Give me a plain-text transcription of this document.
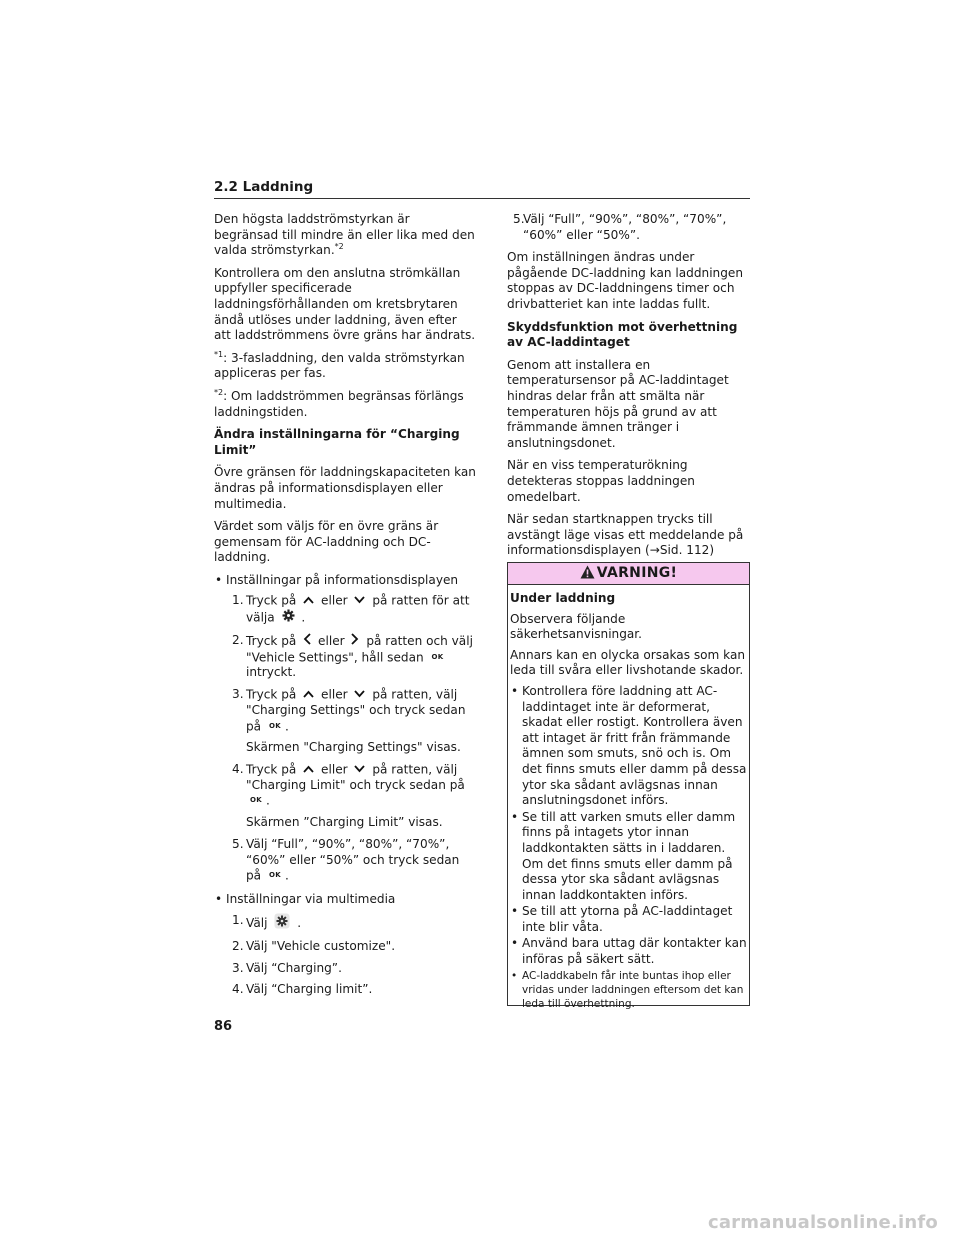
2.2 Laddning

Den högsta laddströmstyrkan är begränsad till mindre än eller lika med den valda strömstyrkan.$^{*2}$

Kontrollera om den anslutna strömkällan uppfyller specificerade laddningsförhållanden om kretsbrytaren ändå utlöses under laddning, även efter att laddströmmens övre gräns har ändrats.

$^{*1}$: 3-fasladdning, den valda strömstyrkan appliceras per fas.

$^{*2}$: Om laddströmmen begränsas förlängs laddningstiden.

Ändra inställningarna för “Charging Limit”

Övre gränsen för laddningskapaciteten kan ändras på informationsdisplayen eller multimedia.

Värdet som väljs för en övre gräns är gemensam för AC-laddning och DC-laddning.

• Inställningar på informationsdisplayen
1. Tryck på eller på ratten för att välja .
2. Tryck på eller på ratten och välj "Vehicle Settings", håll sedan OK intryckt.
3. Tryck på eller på ratten, välj "Charging Settings" och tryck sedan på OK .
Skärmen "Charging Settings" visas.
4. Tryck på eller på ratten, välj "Charging Limit" och tryck sedan på OK .
Skärmen ”Charging Limit” visas.
5. Välj “Full”, “90%”, “80%”, “70%”, “60%” eller “50%” och tryck sedan på OK .
• Inställningar via multimedia
1. Välj .
2. Välj "Vehicle customize".
3. Välj “Charging”.
4. Välj “Charging limit”.
5.
Välj “Full”, “90%”, “80%”, “70%”, “60%” eller “50%”.

Om inställningen ändras under pågående DC-laddning kan laddningen stoppas av DC-laddningens timer och drivbatteriet kan inte laddas fullt.

Skyddsfunktion mot överhettning av AC-laddintaget

Genom att installera en temperatursensor på AC-laddintaget hindras delar från att smälta när temperaturen höjs på grund av att främmande ämnen tränger i anslutningsdonet.

När en viss temperaturökning detekteras stoppas laddningen omedelbart.

När sedan startknappen trycks till avstängt läge visas ett meddelande på informationsdisplayen (→Sid. 112)

VARNING!

Under laddning

Observera följande säkerhetsanvisningar.

Annars kan en olycka orsakas som kan leda till svåra eller livshotande skador.

• Kontrollera före laddning att AC-laddintaget inte är deformerat, skadat eller rostigt. Kontrollera även att intaget är fritt från främmande ämnen som smuts, snö och is. Om det finns smuts eller damm på dessa ytor ska sådant avlägsnas innan anslutningsdonet införs.
• Se till att varken smuts eller damm finns på intagets ytor innan laddkontakten sätts in i laddaren. Om det finns smuts eller damm på dessa ytor ska sådant avlägsnas innan laddkontakten införs.
• Se till att ytorna på AC-laddintaget inte blir våta.
• Använd bara uttag där kontakter kan införas på säkert sätt.
• AC-laddkabeln får inte buntas ihop eller vridas under laddningen eftersom det kan leda till överhettning.
86
carmanualsonline.info
